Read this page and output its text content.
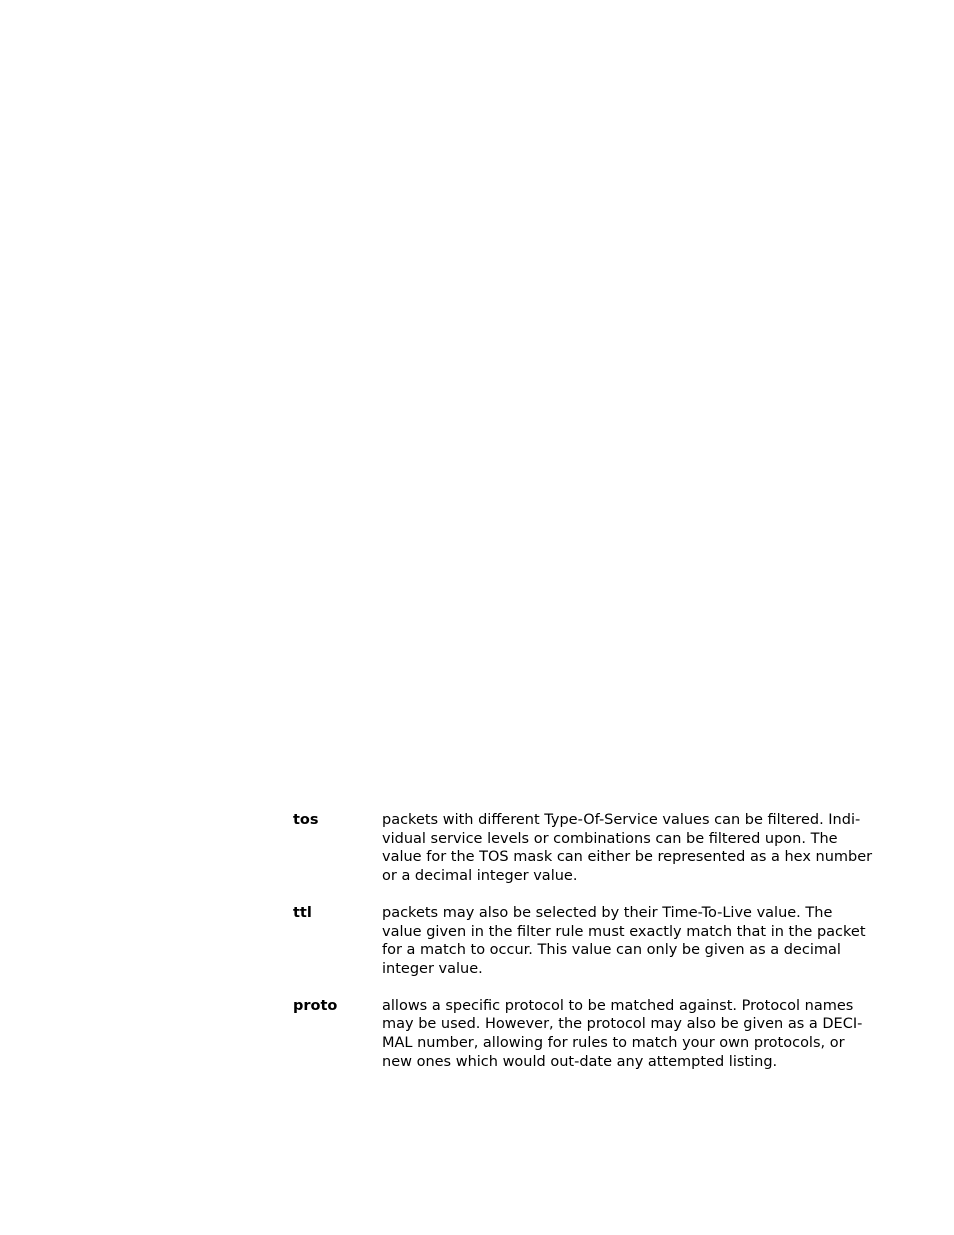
tos	packets with different Type-Of-Service values can be filtered. Indi-
vidual service levels or combinations can be filtered upon. The
value for the TOS mask can either be represented as a hex number
or a decimal integer value.
ttl	packets may also be selected by their Time-To-Live value. The
value given in the filter rule must exactly match that in the packet
for a match to occur. This value can only be given as a decimal
integer value.
proto	allows a specific protocol to be matched against. Protocol names
may be used. However, the protocol may also be given as a DECI-
MAL number, allowing for rules to match your own protocols, or
new ones which would out-date any attempted listing.
